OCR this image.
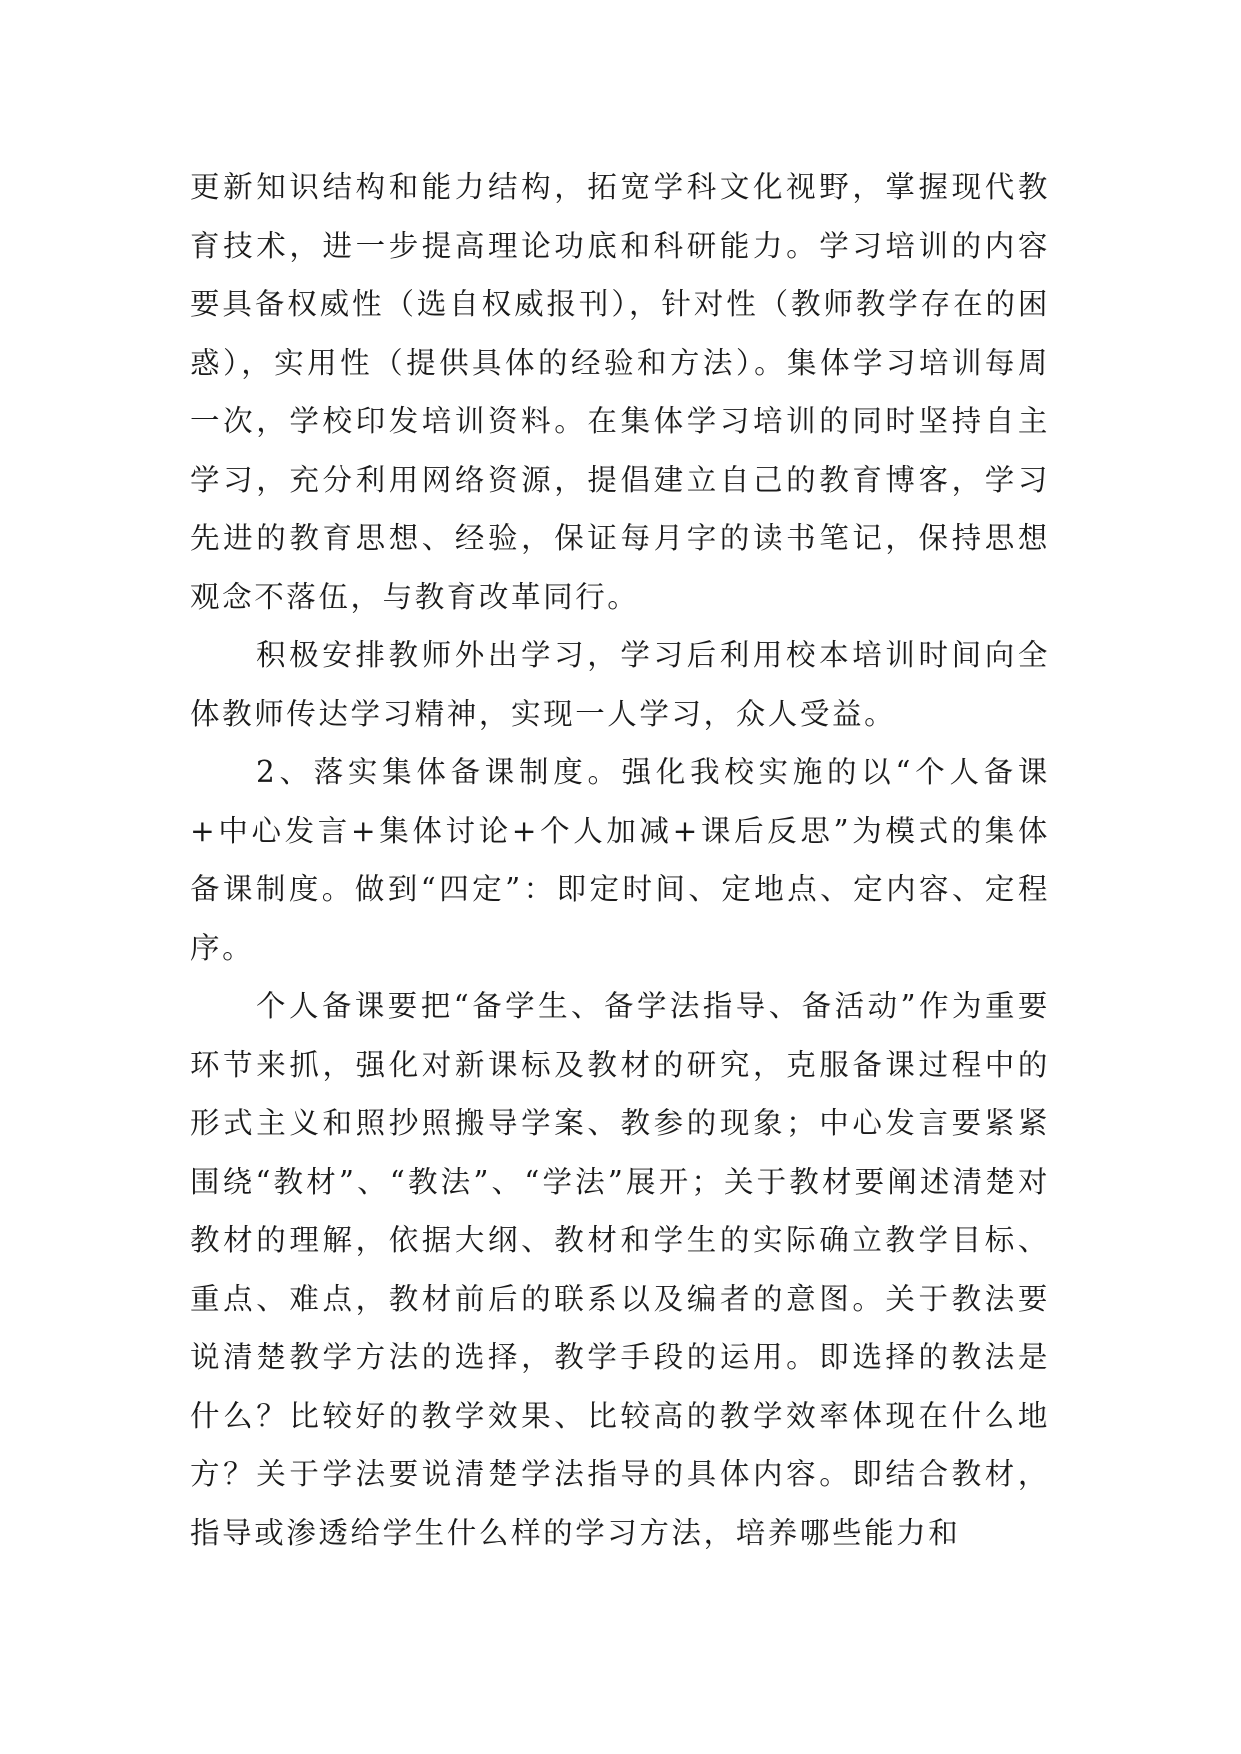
更新知识结构和能力结构，拓宽学科文化视野，掌握现代教育技术，进一步提高理论功底和科研能力。学习培训的内容要具备权威性（选自权威报刊），针对性（教师教学存在的困惑），实用性（提供具体的经验和方法）。集体学习培训每周一次，学校印发培训资料。在集体学习培训的同时坚持自主学习，充分利用网络资源，提倡建立自己的教育博客，学习先进的教育思想、经验，保证每月字的读书笔记，保持思想观念不落伍，与教育改革同行。

积极安排教师外出学习，学习后利用校本培训时间向全体教师传达学习精神，实现一人学习，众人受益。

2、落实集体备课制度。强化我校实施的以“个人备课+中心发言+集体讨论+个人加减+课后反思”为模式的集体备课制度。做到“四定”：即定时间、定地点、定内容、定程序。

个人备课要把“备学生、备学法指导、备活动”作为重要环节来抓，强化对新课标及教材的研究，克服备课过程中的形式主义和照抄照搬导学案、教参的现象；中心发言要紧紧围绕“教材”、“教法”、“学法”展开；关于教材要阐述清楚对教材的理解，依据大纲、教材和学生的实际确立教学目标、重点、难点，教材前后的联系以及编者的意图。关于教法要说清楚教学方法的选择，教学手段的运用。即选择的教法是什么？比较好的教学效果、比较高的教学效率体现在什么地方？关于学法要说清楚学法指导的具体内容。即结合教材，指导或渗透给学生什么样的学习方法，培养哪些能力和
